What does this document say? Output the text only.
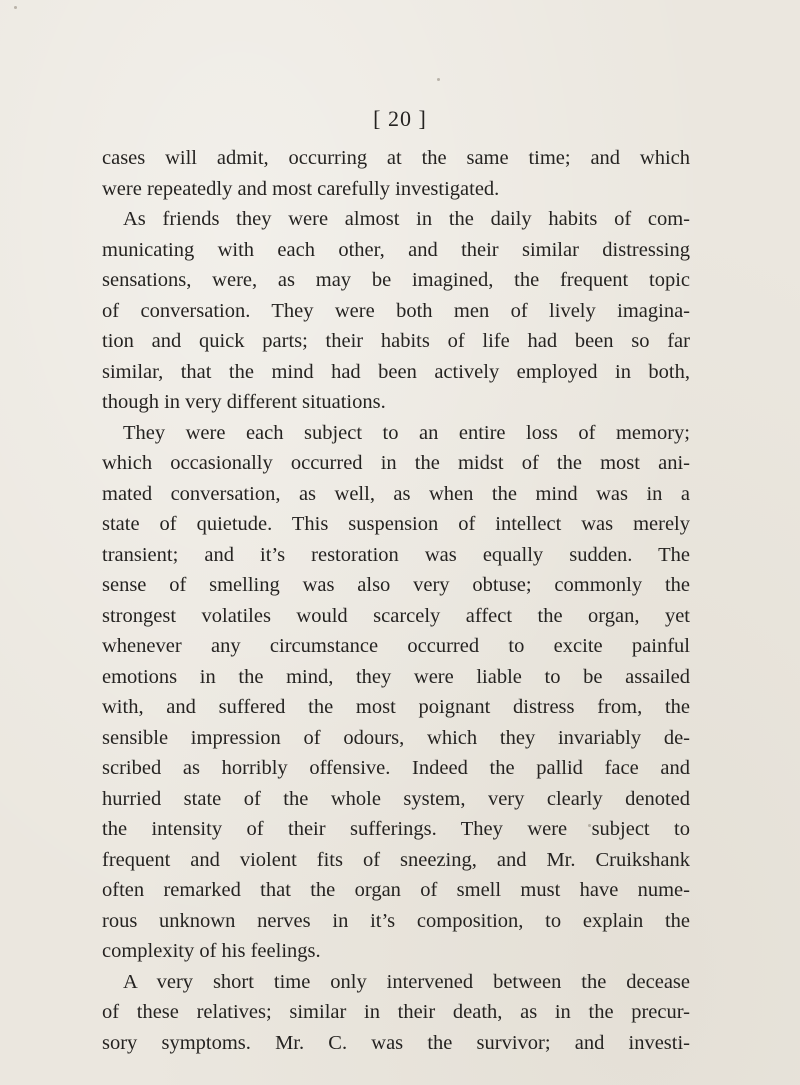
[ 20 ]
cases will admit, occurring at the same time; and which
were repeatedly and most carefully investigated.
As friends they were almost in the daily habits of com-
municating with each other, and their similar distressing
sensations, were, as may be imagined, the frequent topic
of conversation. They were both men of lively imagina-
tion and quick parts; their habits of life had been so far
similar, that the mind had been actively employed in both,
though in very different situations.
They were each subject to an entire loss of memory;
which occasionally occurred in the midst of the most ani-
mated conversation, as well, as when the mind was in a
state of quietude. This suspension of intellect was merely
transient; and it’s restoration was equally sudden. The
sense of smelling was also very obtuse; commonly the
strongest volatiles would scarcely affect the organ, yet
whenever any circumstance occurred to excite painful
emotions in the mind, they were liable to be assailed
with, and suffered the most poignant distress from, the
sensible impression of odours, which they invariably de-
scribed as horribly offensive. Indeed the pallid face and
hurried state of the whole system, very clearly denoted
the intensity of their sufferings. They were subject to
frequent and violent fits of sneezing, and Mr. Cruikshank
often remarked that the organ of smell must have nume-
rous unknown nerves in it’s composition, to explain the
complexity of his feelings.
A very short time only intervened between the decease
of these relatives; similar in their death, as in the precur-
sory symptoms. Mr. C. was the survivor; and investi-
